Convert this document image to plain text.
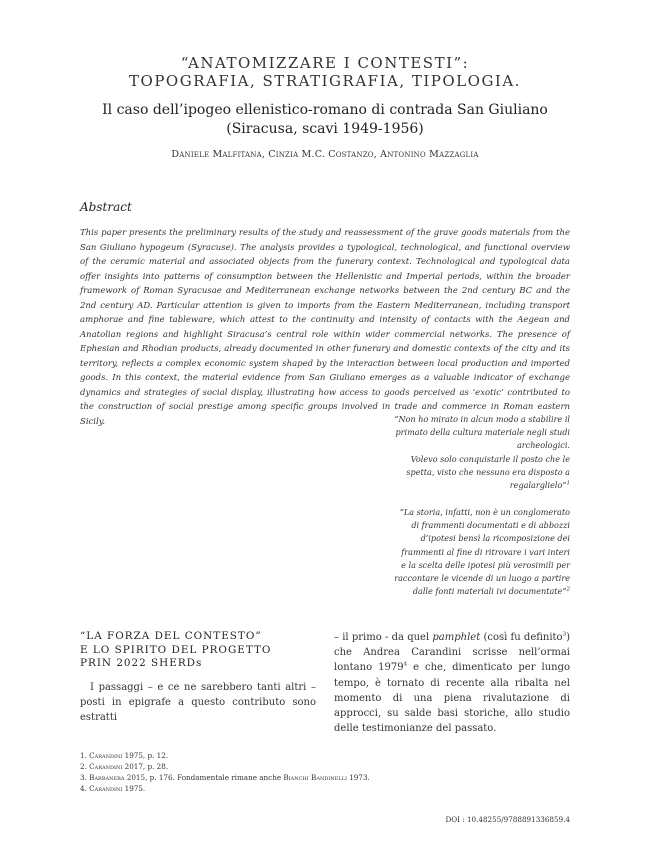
“ANATOMIZZARE I CONTESTI”:
TOPOGRAFIA, STRATIGRAFIA, TIPOLOGIA.
Il caso dell’ipogeo ellenistico-romano di contrada San Giuliano
(Siracusa, scavi 1949-1956)
Daniele Malfitana, Cinzia M.C. Costanzo, Antonino Mazzaglia
Abstract
This paper presents the preliminary results of the study and reassessment of the grave goods materials from the San Giuliano hypogeum (Syracuse). The analysis provides a typological, technological, and functional overview of the ceramic material and associated objects from the funerary context. Technological and typological data offer insights into patterns of consumption between the Hellenistic and Imperial periods, within the broader framework of Roman Syracusae and Mediterranean exchange networks between the 2nd century BC and the 2nd century AD. Particular attention is given to imports from the Eastern Mediterranean, including transport amphorae and fine tableware, which attest to the continuity and intensity of contacts with the Aegean and Anatolian regions and highlight Siracusa’s central role within wider commercial networks. The presence of Ephesian and Rhodian products, already documented in other funerary and domestic contexts of the city and its territory, reflects a complex economic system shaped by the interaction between local production and imported goods. In this context, the material evidence from San Giuliano emerges as a valuable indicator of exchange dynamics and strategies of social display, illustrating how access to goods perceived as ‘exotic’ contributed to the construction of social prestige among specific groups involved in trade and commerce in Roman eastern Sicily.	“Non ho mirato in alcun modo a stabilire il
primato della cultura materiale negli studi
archeologici.
Volevo solo conquistarle il posto che le
spetta, visto che nessuno era disposto a
regalarglielo”$^1$
“La storia, infatti, non è un conglomerato
di frammenti documentati e di abbozzi
d’ipotesi bensì la ricomposizione dei
frammenti al fine di ritrovare i vari interi
e la scelta delle ipotesi più verosimili per
raccontare le vicende di un luogo a partire
dalle fonti materiali ivi documentate”$^2$
“LA FORZA DEL CONTESTO”
E LO SPIRITO DEL PROGETTO
PRIN 2022 SHERDs

I passaggi – e ce ne sarebbero tanti altri – posti in epigrafe a questo contributo sono estratti

– il primo - da quel pamphlet (così fu definito$^3$) che Andrea Carandini scrisse nell’ormai lontano 1979$^4$ e che, dimenticato per lungo tempo, è tornato di recente alla ribalta nel momento di una piena rivalutazione di approcci, su salde basi storiche, allo studio delle testimonianze del passato.

1. Carandini 1975, p. 12.

2. Carandini 2017, p. 28.

3. Barbanera 2015, p. 176. Fondamentale rimane anche Bianchi Bandinelli 1973.

4. Carandini 1975.

DOI : 10.48255/9788891336859.4
